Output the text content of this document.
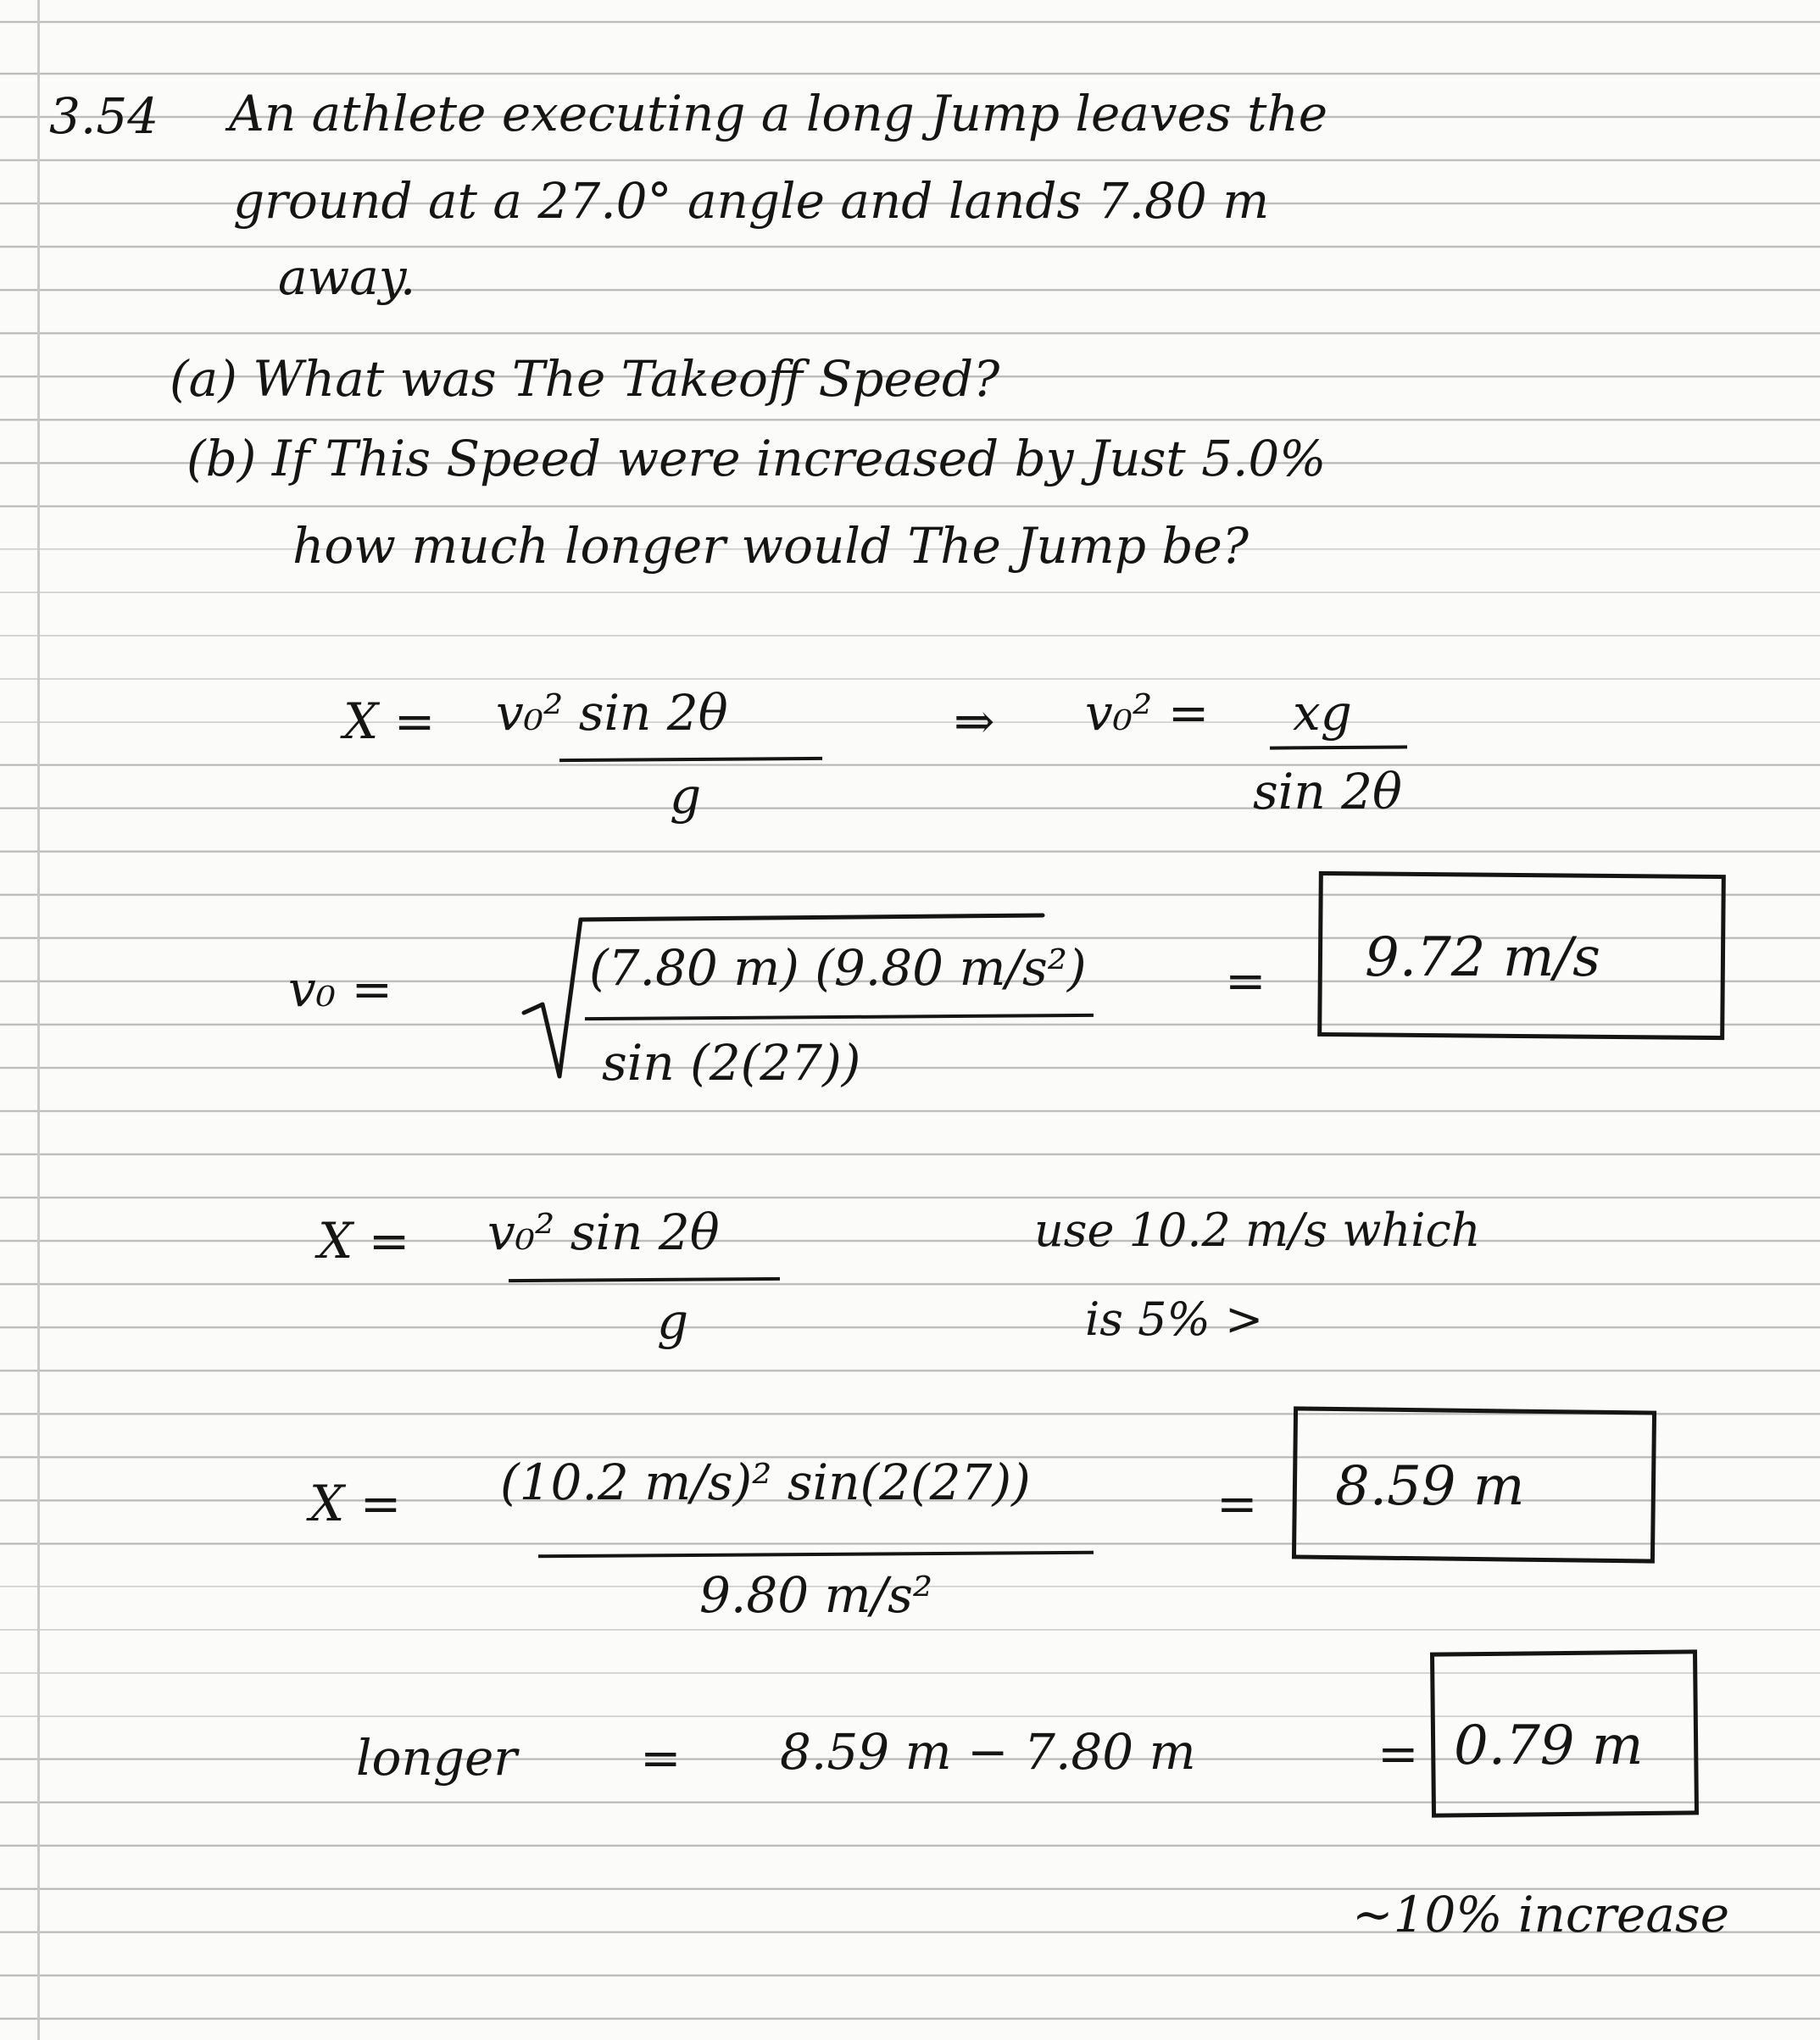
3.54 An athlete executing a long Jump leaves the
ground at a 27.0° angle and lands 7.80 m
away.
(a) What was The Takeoff Speed?
(b) If This Speed were increased by Just 5.0%
how much longer would The Jump be?
X = v₀² sin 2θ
g
⇒ v₀² = xg
sin 2θ
v₀ =	(7.80 m) (9.80 m/s²)
sin (2(27))
= 9.72 m/s
X = v₀² sin 2θ
g
use 10.2 m/s which
is 5% >
X = (10.2 m/s)² sin(2(27))
9.80 m/s²
= 8.59 m
longer = 8.59 m − 7.80 m	= 0.79 m
~10% increase
